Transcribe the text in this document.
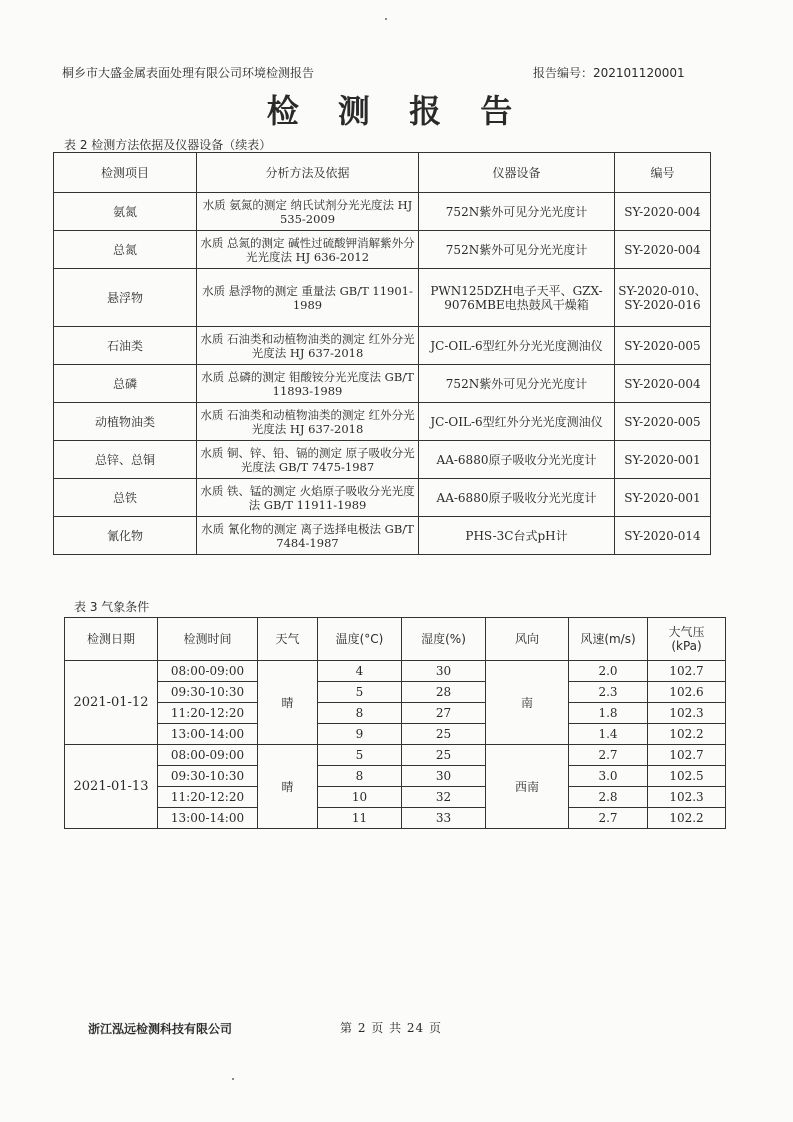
桐乡市大盛金属表面处理有限公司环境检测报告	报告编号：202101120001
检 测 报 告
表 2 检测方法依据及仪器设备（续表）
检测项目	分析方法及依据	仪器设备	编号
氨氮	水质 氨氮的测定 纳氏试剂分光光度法 HJ 535-2009	752N紫外可见分光光度计	SY-2020-004
总氮	水质 总氮的测定 碱性过硫酸钾消解紫外分光光度法 HJ 636-2012	752N紫外可见分光光度计	SY-2020-004
悬浮物	水质 悬浮物的测定 重量法 GB/T 11901-1989	PWN125DZH电子天平、GZX-9076MBE电热鼓风干燥箱	SY-2020-010、SY-2020-016
石油类	水质 石油类和动植物油类的测定 红外分光光度法 HJ 637-2018	JC-OIL-6型红外分光光度测油仪	SY-2020-005
总磷	水质 总磷的测定 钼酸铵分光光度法 GB/T 11893-1989	752N紫外可见分光光度计	SY-2020-004
动植物油类	水质 石油类和动植物油类的测定 红外分光光度法 HJ 637-2018	JC-OIL-6型红外分光光度测油仪	SY-2020-005
总锌、总铜	水质 铜、锌、铅、镉的测定 原子吸收分光光度法 GB/T 7475-1987	AA-6880原子吸收分光光度计	SY-2020-001
总铁	水质 铁、锰的测定 火焰原子吸收分光光度法 GB/T 11911-1989	AA-6880原子吸收分光光度计	SY-2020-001
氰化物	水质 氰化物的测定 离子选择电极法 GB/T 7484-1987	PHS-3C台式pH计	SY-2020-014
表 3 气象条件
检测日期	检测时间	天气	温度(°C)	湿度(%)	风向	风速(m/s)	大气压
(kPa)

2021-01-12	08:00-09:00	晴	4	30	南	2.0	102.7
	09:30-10:30		5	28		2.3	102.6
	11:20-12:20		8	27		1.8	102.3
	13:00-14:00		9	25		1.4	102.2
2021-01-13	08:00-09:00	晴	5	25	西南	2.7	102.7
	09:30-10:30		8	30		3.0	102.5
	11:20-12:20		10	32		2.8	102.3
	13:00-14:00		11	33		2.7	102.2
浙江泓远检测科技有限公司	第 2 页 共 24 页
